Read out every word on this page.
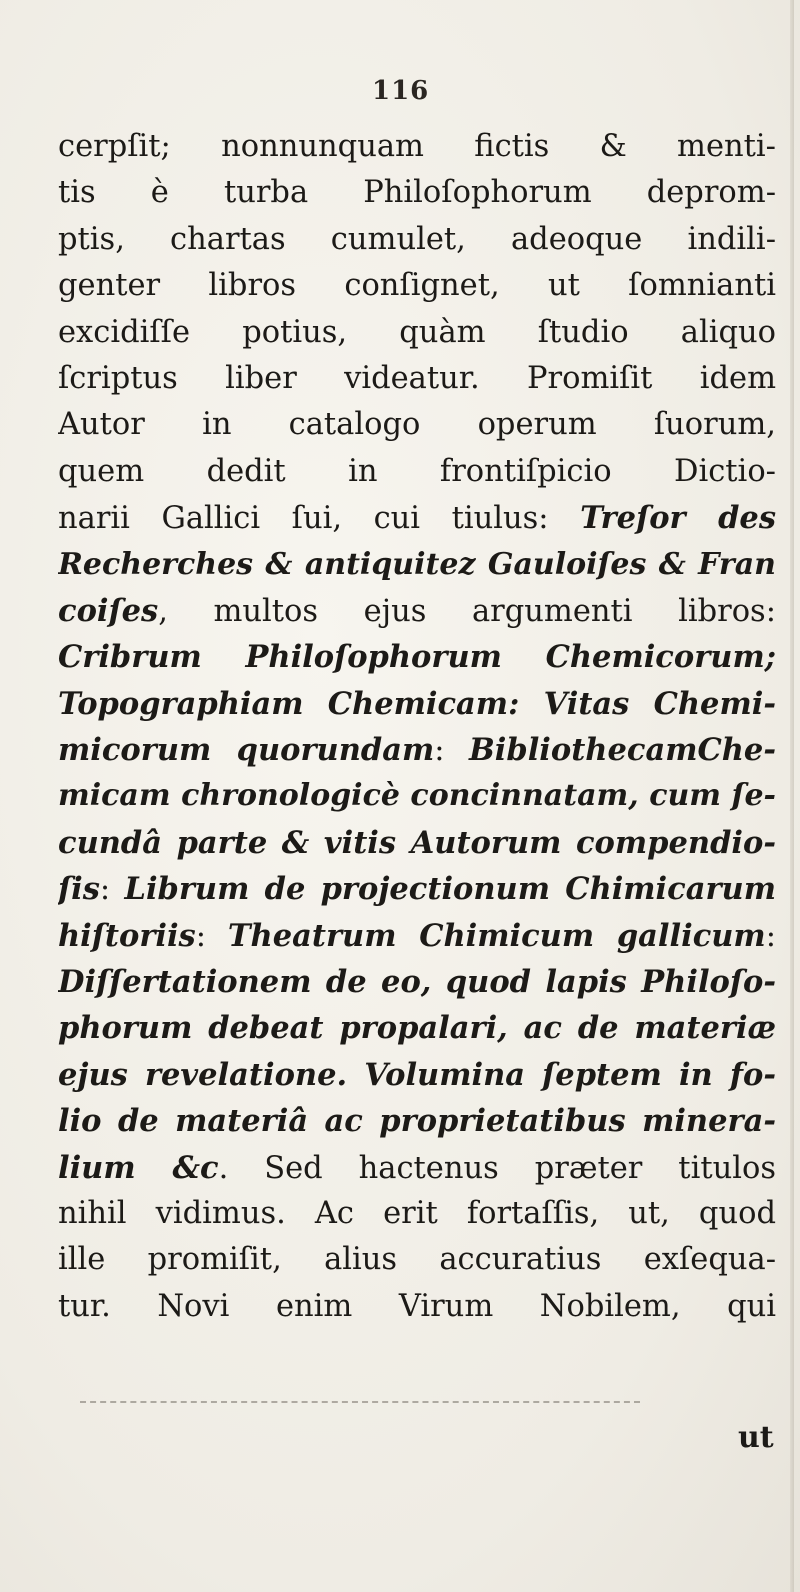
116
cerpſit; nonnunquam fictis & menti-
tis è turba Philoſophorum deprom-
ptis, chartas cumulet, adeoque indili-
genter libros conſignet, ut ſomnianti
excidiſſe potius, quàm ſtudio aliquo
ſcriptus liber videatur. Promiſit idem
Autor in catalogo operum ſuorum,
quem dedit in frontiſpicio Dictio-
narii Gallici ſui, cui tiulus: Treſor des
Recherches & antiquitez Gauloiſes & Fran
coiſes, multos ejus argumenti libros:
Cribrum Philoſophorum Chemicorum;
Topographiam Chemicam: Vitas Chemi-
micorum quorundam: BibliothecamChe-
micam chronologicè concinnatam, cum ſe-
cundâ parte & vitis Autorum compendio-
ſis: Librum de projectionum Chimicarum
hiſtoriis: Theatrum Chimicum gallicum:
Diſſertationem de eo, quod lapis Philoſo-
phorum debeat propalari, ac de materiæ
ejus revelatione. Volumina ſeptem in fo-
lio de materiâ ac proprietatibus minera-
lium &c. Sed hactenus præter titulos
nihil vidimus. Ac erit fortaſſis, ut, quod
ille promiſit, alius accuratius exſequa-
tur. Novi enim Virum Nobilem, qui
ut
